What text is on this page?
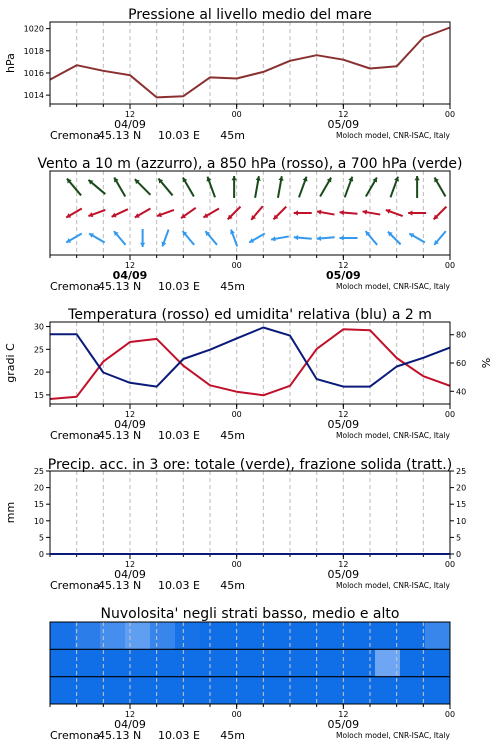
Pressione al livello medio del mare
12	00	12	00
04/09	05/09
Cremona
45.13 N 10.03 E 45m	Moloch model, CNR-ISAC, Italy
1014
1016
1018
1020
hPa
Vento a 10 m (azzurro), a 850 hPa (rosso), a 700 hPa (verde)
12	00	12	00
04/09	05/09
Cremona
45.13 N 10.03 E 45m	Moloch model, CNR-ISAC, Italy
Temperatura (rosso) ed umidita' relativa (blu) a 2 m
12	00	12	00
04/09	05/09
Cremona
45.13 N 10.03 E 45m	Moloch model, CNR-ISAC, Italy
15
20
25
30
40
60
80
gradi C	%
Precip. acc. in 3 ore: totale (verde), frazione solida (tratt.)
12	00	12	00
04/09	05/09
Cremona
45.13 N 10.03 E 45m	Moloch model, CNR-ISAC, Italy
0
5
10
15
20
25
0
5
10
15
20
25
mm
Nuvolosita' negli strati basso, medio e alto
12	00	12	00
04/09	05/09
Cremona
45.13 N 10.03 E 45m	Moloch model, CNR-ISAC, Italy
